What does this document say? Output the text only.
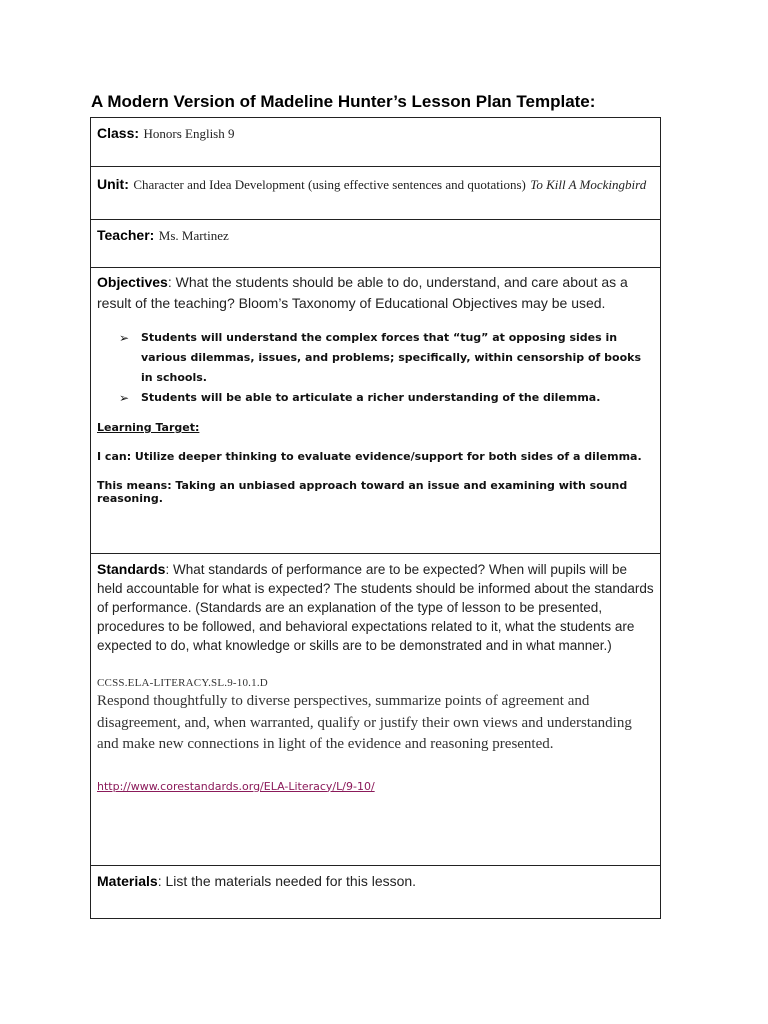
A Modern Version of Madeline Hunter’s Lesson Plan Template:
Class: Honors English 9

Unit: Character and Idea Development (using effective sentences and quotations) To Kill A Mockingbird

Teacher: Ms. Martinez

Objectives: What the students should be able to do, understand, and care about as a result of the teaching? Bloom’s Taxonomy of Educational Objectives may be used.

➢ Students will understand the complex forces that “tug” at opposing sides in various dilemmas, issues, and problems; specifically, within censorship of books in schools.
➢ Students will be able to articulate a richer understanding of the dilemma.
Learning Target:
I can: Utilize deeper thinking to evaluate evidence/support for both sides of a dilemma.
This means: Taking an unbiased approach toward an issue and examining with sound reasoning.

Standards: What standards of performance are to be expected? When will pupils will be held accountable for what is expected? The students should be informed about the standards of performance. (Standards are an explanation of the type of lesson to be presented, procedures to be followed, and behavioral expectations related to it, what the students are expected to do, what knowledge or skills are to be demonstrated and in what manner.)

CCSS.ELA-LITERACY.SL.9-10.1.D
Respond thoughtfully to diverse perspectives, summarize points of agreement and disagreement, and, when warranted, qualify or justify their own views and understanding and make new connections in light of the evidence and reasoning presented.
http://www.corestandards.org/ELA-Literacy/L/9-10/
Materials: List the materials needed for this lesson.
